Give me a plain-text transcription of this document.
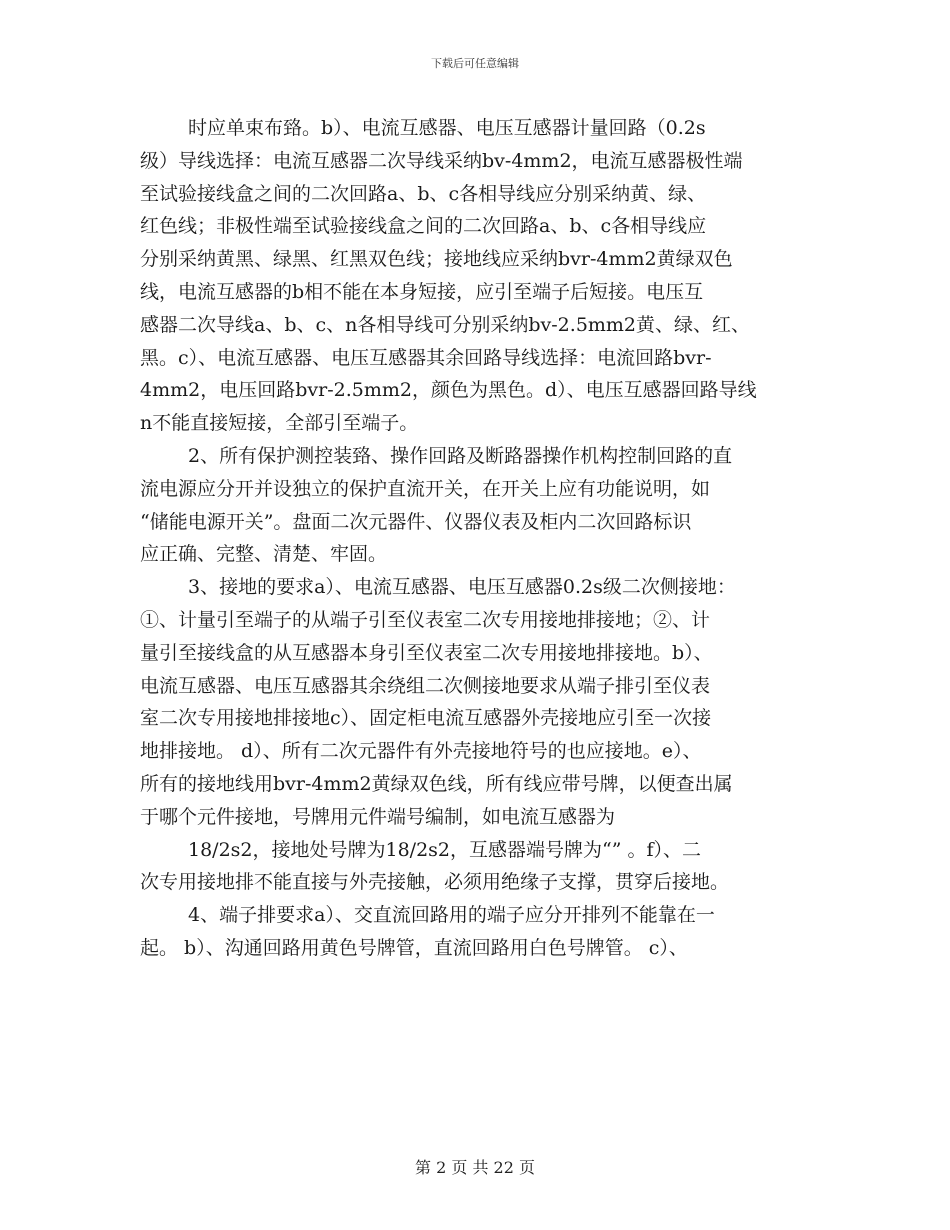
下载后可任意编辑
时应单束布臵。b）、电流互感器、电压互感器计量回路（0.2s
级）导线选择：电流互感器二次导线采纳bv-4mm2，电流互感器极性端
至试验接线盒之间的二次回路a、b、c各相导线应分别采纳黄、绿、
红色线；非极性端至试验接线盒之间的二次回路a、b、c各相导线应
分别采纳黄黑、绿黑、红黑双色线；接地线应采纳bvr-4mm2黄绿双色
线，电流互感器的b相不能在本身短接，应引至端子后短接。电压互
感器二次导线a、b、c、n各相导线可分别采纳bv-2.5mm2黄、绿、红、
黑。c）、电流互感器、电压互感器其余回路导线选择：电流回路bvr-
4mm2，电压回路bvr-2.5mm2，颜色为黑色。d）、电压互感器回路导线
n不能直接短接，全部引至端子。
2、所有保护测控装臵、操作回路及断路器操作机构控制回路的直
流电源应分开并设独立的保护直流开关，在开关上应有功能说明，如
“储能电源开关”。盘面二次元器件、仪器仪表及柜内二次回路标识
应正确、完整、清楚、牢固。
3、接地的要求a）、电流互感器、电压互感器0.2s级二次侧接地：
①、计量引至端子的从端子引至仪表室二次专用接地排接地；②、计
量引至接线盒的从互感器本身引至仪表室二次专用接地排接地。b）、
电流互感器、电压互感器其余绕组二次侧接地要求从端子排引至仪表
室二次专用接地排接地c）、固定柜电流互感器外壳接地应引至一次接
地排接地。 d）、所有二次元器件有外壳接地符号的也应接地。e）、
所有的接地线用bvr-4mm2黄绿双色线，所有线应带号牌，以便查出属
于哪个元件接地，号牌用元件端号编制，如电流互感器为
18/2s2，接地处号牌为18/2s2，互感器端号牌为“” 。f）、二
次专用接地排不能直接与外壳接触，必须用绝缘子支撑，贯穿后接地。
4、端子排要求a）、交直流回路用的端子应分开排列不能靠在一
起。 b）、沟通回路用黄色号牌管，直流回路用白色号牌管。 c）、
第 2 页 共 22 页
